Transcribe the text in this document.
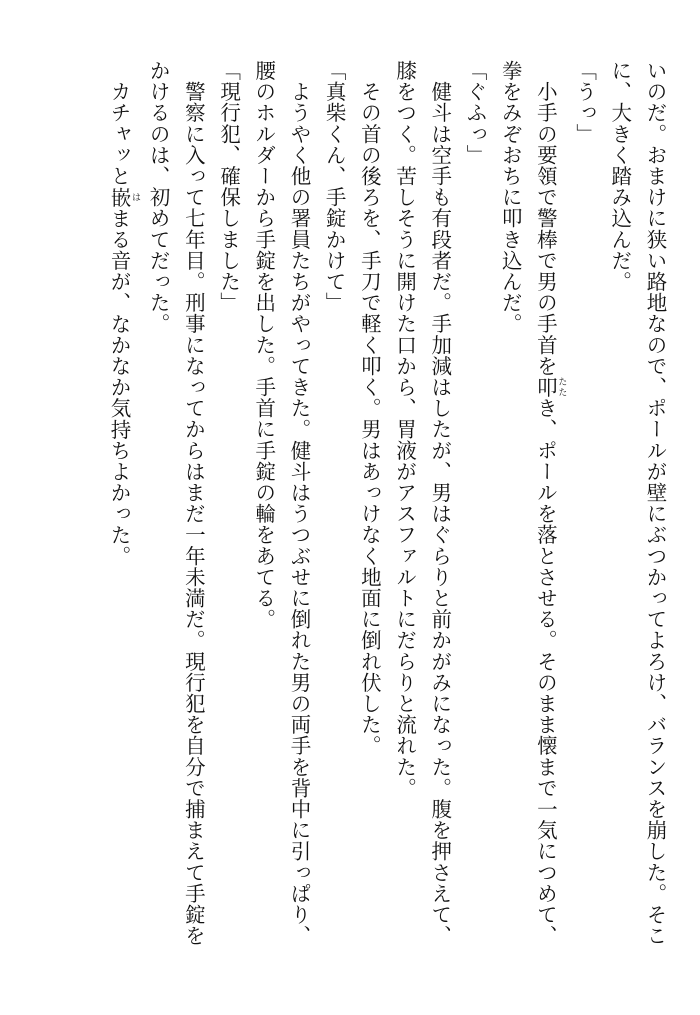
いのだ。おまけに狭い路地なので、ポールが壁にぶつかってよろけ、バランスを崩した。そこ

に、大きく踏み込んだ。

「うっ」

　小手の要領で警棒で男の手首を叩 たたき、ポールを落とさせる。そのまま懐まで一気につめて、

拳をみぞおちに叩き込んだ。

「ぐふっ」

　健斗は空手も有段者だ。手加減はしたが、男はぐらりと前かがみになった。腹を押さえて、

膝をつく。苦しそうに開けた口から、胃液がアスファルトにだらりと流れた。

　その首の後ろを、手刀で軽く叩く。男はあっけなく地面に倒れ伏した。

「真柴くん、手錠かけて」

　ようやく他の署員たちがやってきた。健斗はうつぶせに倒れた男の両手を背中に引っぱり、

腰のホルダーから手錠を出した。手首に手錠の輪をあてる。

「現行犯、確保しました」

　警察に入って七年目。刑事になってからはまだ一年未満だ。現行犯を自分で捕まえて手錠を

かけるのは、初めてだった。

　カチャッと嵌 はまる音が、なかなか気持ちよかった。
